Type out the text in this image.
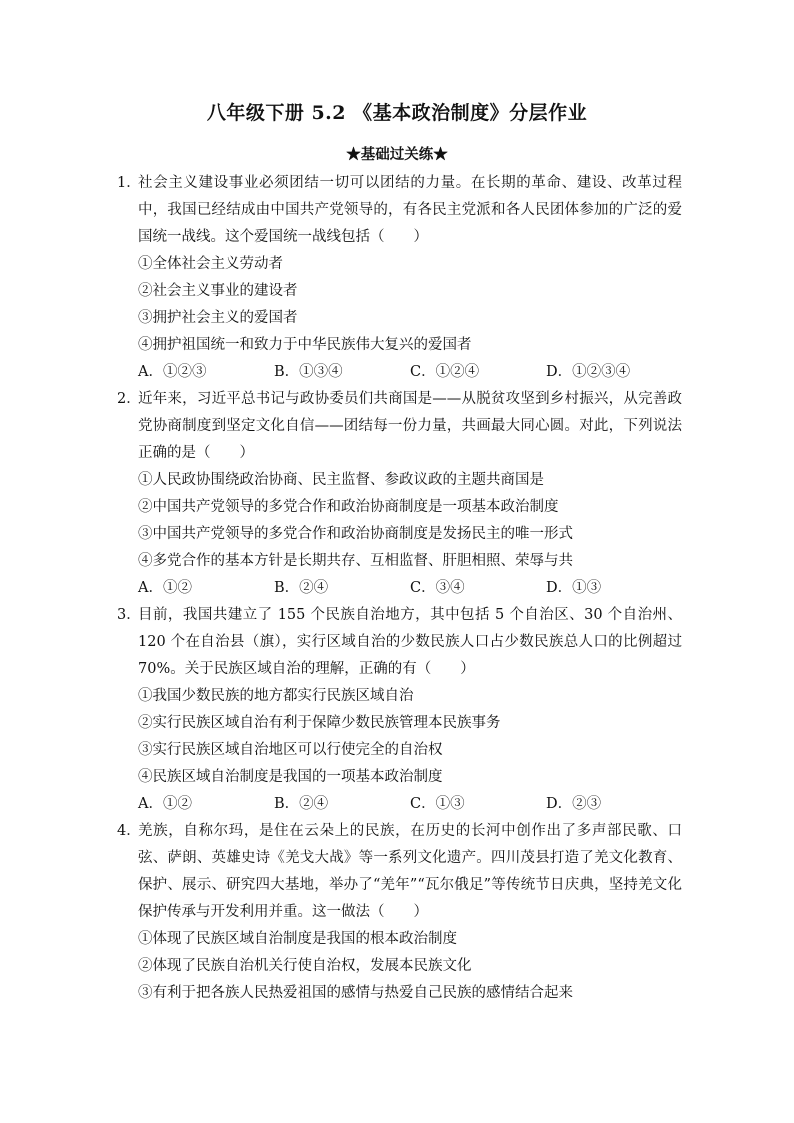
八年级下册 5.2 《基本政治制度》分层作业
★基础过关练★
1．
社会主义建设事业必须团结一切可以团结的力量。在长期的革命、建设、改革过程中，我国已经结成由中国共产党领导的，有各民主党派和各人民团体参加的广泛的爱国统一战线。这个爱国统一战线包括（　　）
①全体社会主义劳动者
②社会主义事业的建设者
③拥护社会主义的爱国者
④拥护祖国统一和致力于中华民族伟大复兴的爱国者
A．①②③	B．①③④	C．①②④	D．①②③④
2．
近年来，习近平总书记与政协委员们共商国是——从脱贫攻坚到乡村振兴，从完善政党协商制度到坚定文化自信——团结每一份力量，共画最大同心圆。对此，下列说法正确的是（　　）
①人民政协围绕政治协商、民主监督、参政议政的主题共商国是
②中国共产党领导的多党合作和政治协商制度是一项基本政治制度
③中国共产党领导的多党合作和政治协商制度是发扬民主的唯一形式
④多党合作的基本方针是长期共存、互相监督、肝胆相照、荣辱与共
A．①②	B．②④	C．③④	D．①③
3．
目前，我国共建立了 155 个民族自治地方，其中包括 5 个自治区、30 个自治州、120 个在自治县（旗），实行区域自治的少数民族人口占少数民族总人口的比例超过 70%。关于民族区域自治的理解，正确的有（　　）
①我国少数民族的地方都实行民族区域自治
②实行民族区域自治有利于保障少数民族管理本民族事务
③实行民族区域自治地区可以行使完全的自治权
④民族区域自治制度是我国的一项基本政治制度
A．①②	B．②④	C．①③	D．②③
4．
羌族，自称尔玛，是住在云朵上的民族，在历史的长河中创作出了多声部民歌、口弦、萨朗、英雄史诗《羌戈大战》等一系列文化遗产。四川茂县打造了羌文化教育、保护、展示、研究四大基地，举办了“羌年”“瓦尔俄足”等传统节日庆典，坚持羌文化保护传承与开发利用并重。这一做法（　　）
①体现了民族区域自治制度是我国的根本政治制度
②体现了民族自治机关行使自治权，发展本民族文化
③有利于把各族人民热爱祖国的感情与热爱自己民族的感情结合起来
